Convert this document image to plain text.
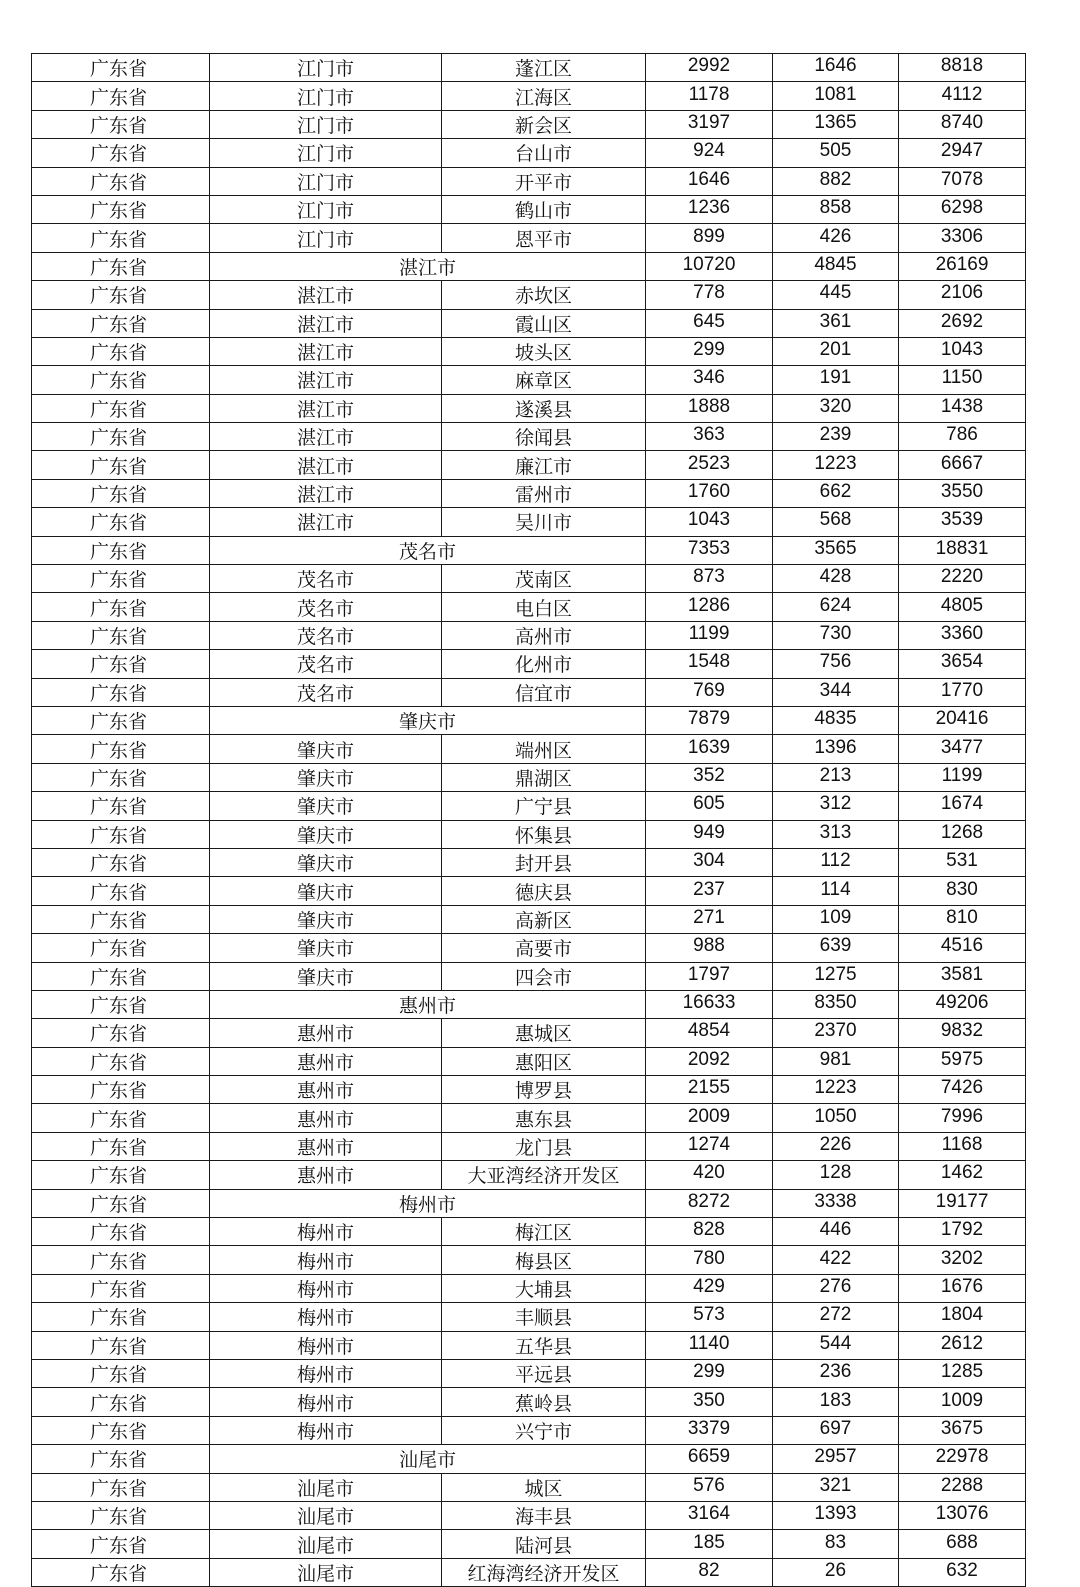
广东省	江门市	蓬江区	2992	1646	8818
广东省	江门市	江海区	1178	1081	4112
广东省	江门市	新会区	3197	1365	8740
广东省	江门市	台山市	924	505	2947
广东省	江门市	开平市	1646	882	7078
广东省	江门市	鹤山市	1236	858	6298
广东省	江门市	恩平市	899	426	3306
广东省	湛江市		10720	4845	26169
广东省	湛江市	赤坎区	778	445	2106
广东省	湛江市	霞山区	645	361	2692
广东省	湛江市	坡头区	299	201	1043
广东省	湛江市	麻章区	346	191	1150
广东省	湛江市	遂溪县	1888	320	1438
广东省	湛江市	徐闻县	363	239	786
广东省	湛江市	廉江市	2523	1223	6667
广东省	湛江市	雷州市	1760	662	3550
广东省	湛江市	吴川市	1043	568	3539
广东省	茂名市		7353	3565	18831
广东省	茂名市	茂南区	873	428	2220
广东省	茂名市	电白区	1286	624	4805
广东省	茂名市	高州市	1199	730	3360
广东省	茂名市	化州市	1548	756	3654
广东省	茂名市	信宜市	769	344	1770
广东省	肇庆市		7879	4835	20416
广东省	肇庆市	端州区	1639	1396	3477
广东省	肇庆市	鼎湖区	352	213	1199
广东省	肇庆市	广宁县	605	312	1674
广东省	肇庆市	怀集县	949	313	1268
广东省	肇庆市	封开县	304	112	531
广东省	肇庆市	德庆县	237	114	830
广东省	肇庆市	高新区	271	109	810
广东省	肇庆市	高要市	988	639	4516
广东省	肇庆市	四会市	1797	1275	3581
广东省	惠州市		16633	8350	49206
广东省	惠州市	惠城区	4854	2370	9832
广东省	惠州市	惠阳区	2092	981	5975
广东省	惠州市	博罗县	2155	1223	7426
广东省	惠州市	惠东县	2009	1050	7996
广东省	惠州市	龙门县	1274	226	1168
广东省	惠州市	大亚湾经济开发区	420	128	1462
广东省	梅州市		8272	3338	19177
广东省	梅州市	梅江区	828	446	1792
广东省	梅州市	梅县区	780	422	3202
广东省	梅州市	大埔县	429	276	1676
广东省	梅州市	丰顺县	573	272	1804
广东省	梅州市	五华县	1140	544	2612
广东省	梅州市	平远县	299	236	1285
广东省	梅州市	蕉岭县	350	183	1009
广东省	梅州市	兴宁市	3379	697	3675
广东省	汕尾市		6659	2957	22978
广东省	汕尾市	城区	576	321	2288
广东省	汕尾市	海丰县	3164	1393	13076
广东省	汕尾市	陆河县	185	83	688
广东省	汕尾市	红海湾经济开发区	82	26	632
